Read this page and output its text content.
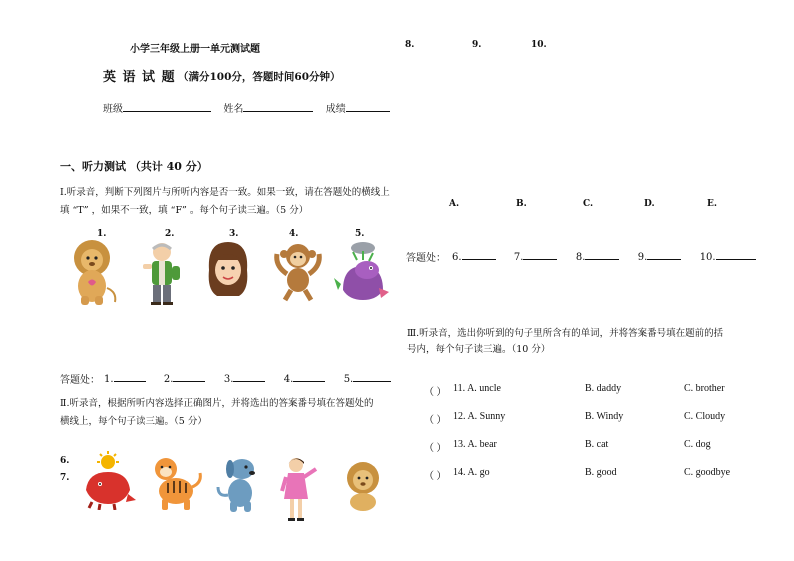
小学三年级上册一单元测试题
英 语 试 题 （满分100分，答题时间60分钟）
班级	姓名	成绩
一、听力测试 （共计 40 分）
Ⅰ.听录音，判断下列图片与所听内容是否一致。如果一致，请在答题处的横线上
填 “T” ，如果不一致，填 “F” 。每个句子读三遍。（5 分）
1.	2.	3.	4.	5.
答题处： 1.	2.	3.	4.	5.
Ⅱ.听录音，根据所听内容选择正确图片，并将选出的答案番号填在答题处的
横线上，每个句子读三遍。（5 分）
6.
7.
8.	9.	10.
A.	B.	C.	D.	E.
答题处： 6.	7.	8.	9.	10.
Ⅲ.听录音，选出你听到的句子里所含有的单词，并将答案番号填在题前的括
号内，每个句子读三遍。（10 分）
（ ） 11. A. uncle	B. daddy	C. brother
（ ） 12. A. Sunny	B. Windy	C. Cloudy
（ ） 13. A. bear	B. cat	C. dog
（ ） 14. A. go	B. good	C. goodbye
